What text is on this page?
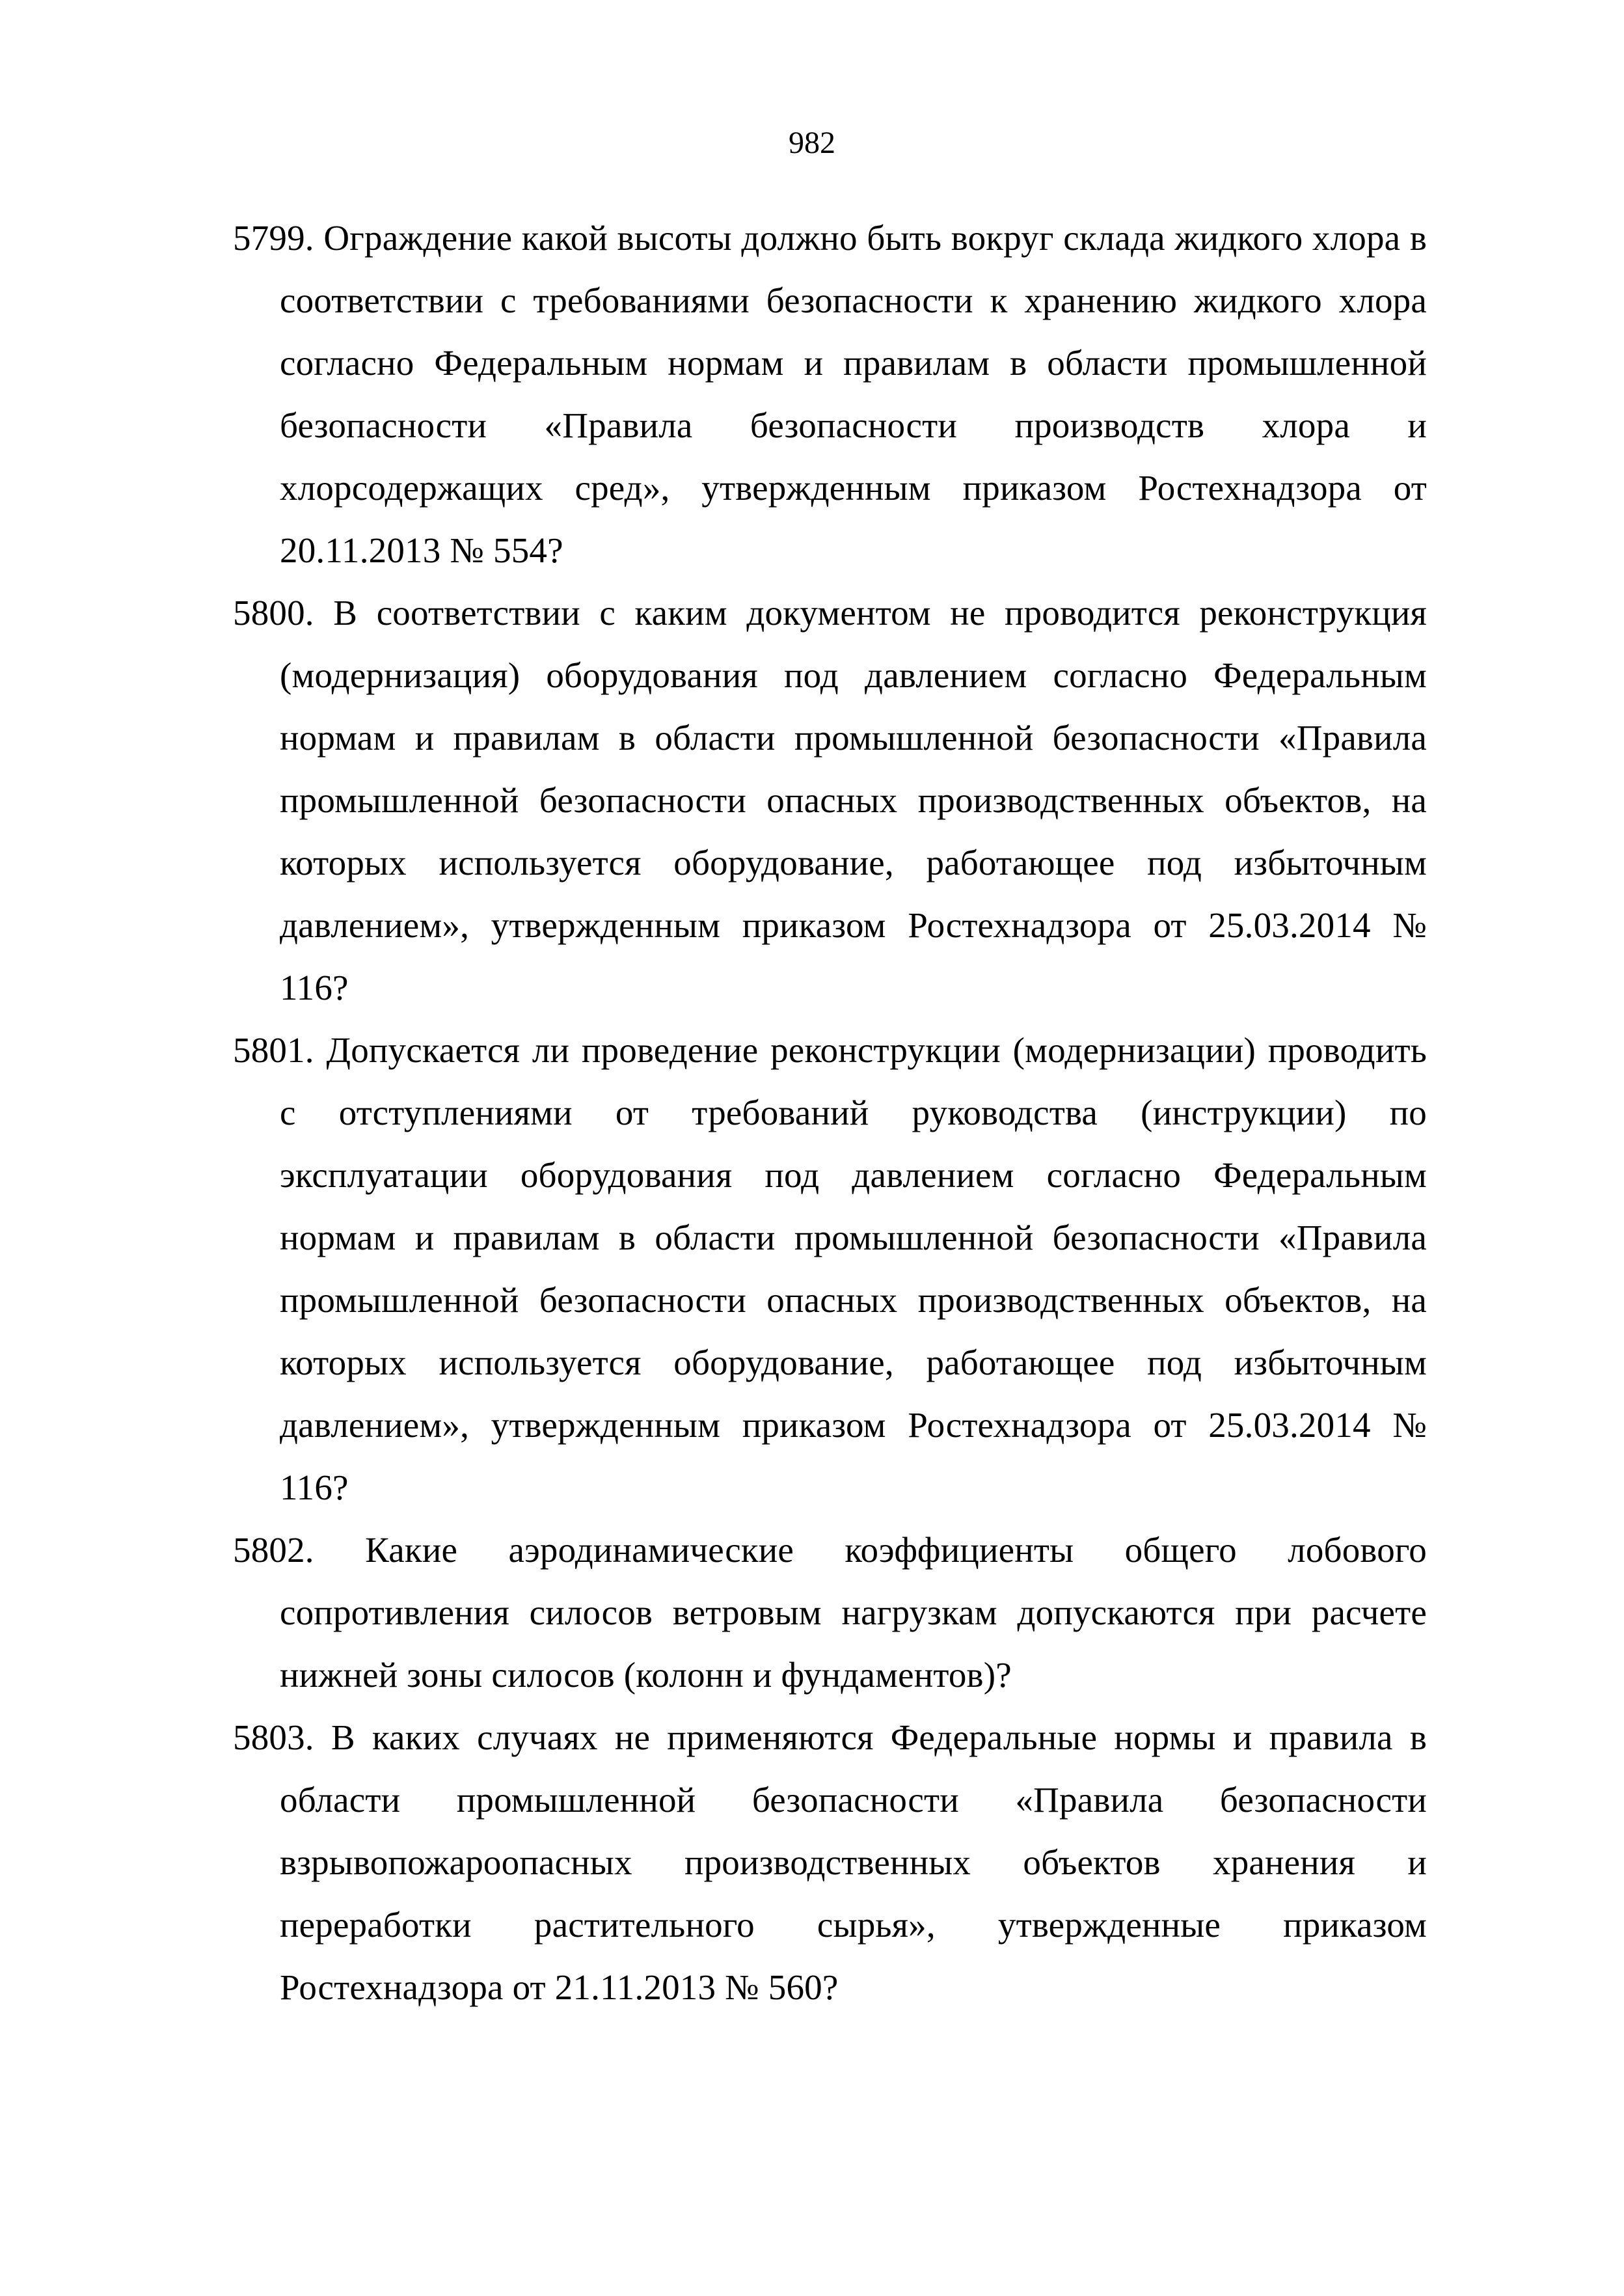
982
5799. Ограждение какой высоты должно быть вокруг склада жидкого хлора в соответствии с требованиями безопасности к хранению жидкого хлора согласно Федеральным нормам и правилам в области промышленной безопасности «Правила безопасности производств хлора и хлорсодержащих сред», утвержденным приказом Ростехнадзора от 20.11.2013 № 554?
5800. В соответствии с каким документом не проводится реконструкция (модернизация) оборудования под давлением согласно Федеральным нормам и правилам в области промышленной безопасности «Правила промышленной безопасности опасных производственных объектов, на которых используется оборудование, работающее под избыточным давлением», утвержденным приказом Ростехнадзора от 25.03.2014 № 116?
5801. Допускается ли проведение реконструкции (модернизации) проводить с отступлениями от требований руководства (инструкции) по эксплуатации оборудования под давлением согласно Федеральным нормам и правилам в области промышленной безопасности «Правила промышленной безопасности опасных производственных объектов, на которых используется оборудование, работающее под избыточным давлением», утвержденным приказом Ростехнадзора от 25.03.2014 № 116?
5802. Какие аэродинамические коэффициенты общего лобового сопротивления силосов ветровым нагрузкам допускаются при расчете нижней зоны силосов (колонн и фундаментов)?
5803. В каких случаях не применяются Федеральные нормы и правила в области промышленной безопасности «Правила безопасности взрывопожароопасных производственных объектов хранения и переработки растительного сырья», утвержденные приказом Ростехнадзора от 21.11.2013 № 560?
